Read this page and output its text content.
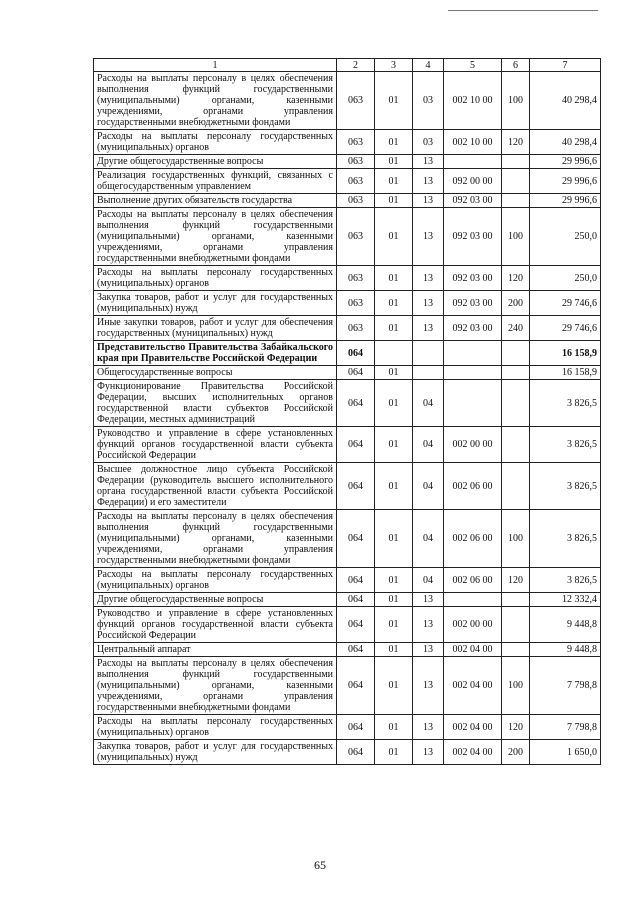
1	2	3	4	5	6	7
Расходы на выплаты персоналу в целях обеспечения выполнения функций государственными (муниципальными) органами, казенными учреждениями, органами управления государственными внебюджетными фондами	063	01	03	002 10 00	100	40 298,4
Расходы на выплаты персоналу государственных (муниципальных) органов	063	01	03	002 10 00	120	40 298,4
Другие общегосударственные вопросы	063	01	13			29 996,6
Реализация государственных функций, связанных с общегосударственным управлением	063	01	13	092 00 00		29 996,6
Выполнение других обязательств государства	063	01	13	092 03 00		29 996,6
Расходы на выплаты персоналу в целях обеспечения выполнения функций государственными (муниципальными) органами, казенными учреждениями, органами управления государственными внебюджетными фондами	063	01	13	092 03 00	100	250,0
Расходы на выплаты персоналу государственных (муниципальных) органов	063	01	13	092 03 00	120	250,0
Закупка товаров, работ и услуг для государственных (муниципальных) нужд	063	01	13	092 03 00	200	29 746,6
Иные закупки товаров, работ и услуг для обеспечения государственных (муниципальных) нужд	063	01	13	092 03 00	240	29 746,6
Представительство Правительства Забайкальского края при Правительстве Российской Федерации	064					16 158,9
Общегосударственные вопросы	064	01				16 158,9
Функционирование Правительства Российской Федерации, высших исполнительных органов государственной власти субъектов Российской Федерации, местных администраций	064	01	04			3 826,5
Руководство и управление в сфере установленных функций органов государственной власти субъекта Российской Федерации	064	01	04	002 00 00		3 826,5
Высшее должностное лицо субъекта Российской Федерации (руководитель высшего исполнительного органа государственной власти субъекта Российской Федерации) и его заместители	064	01	04	002 06 00		3 826,5
Расходы на выплаты персоналу в целях обеспечения выполнения функций государственными (муниципальными) органами, казенными учреждениями, органами управления государственными внебюджетными фондами	064	01	04	002 06 00	100	3 826,5
Расходы на выплаты персоналу государственных (муниципальных) органов	064	01	04	002 06 00	120	3 826,5
Другие общегосударственные вопросы	064	01	13			12 332,4
Руководство и управление в сфере установленных функций органов государственной власти субъекта Российской Федерации	064	01	13	002 00 00		9 448,8
Центральный аппарат	064	01	13	002 04 00		9 448,8
Расходы на выплаты персоналу в целях обеспечения выполнения функций государственными (муниципальными) органами, казенными учреждениями, органами управления государственными внебюджетными фондами	064	01	13	002 04 00	100	7 798,8
Расходы на выплаты персоналу государственных (муниципальных) органов	064	01	13	002 04 00	120	7 798,8
Закупка товаров, работ и услуг для государственных (муниципальных) нужд	064	01	13	002 04 00	200	1 650,0
65
